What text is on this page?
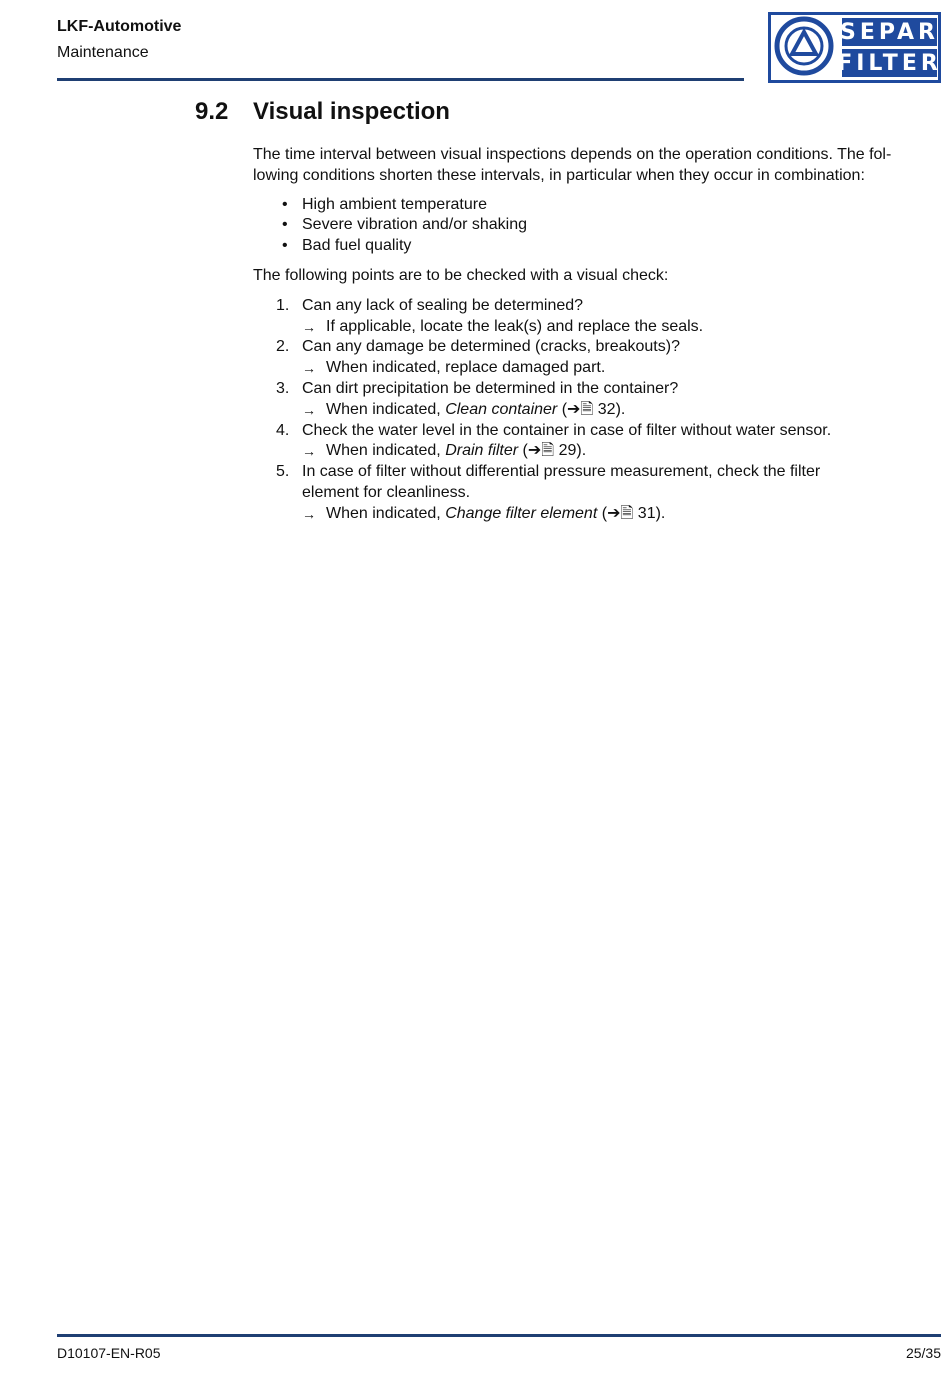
LKF-Automotive
Maintenance
SEPAR
FILTER
9.2 Visual inspection

The time interval between visual inspections depends on the operation conditions. The fol-
lowing conditions shorten these intervals, in particular when they occur in combination:

• High ambient temperature
• Severe vibration and/or shaking
• Bad fuel quality

The following points are to be checked with a visual check:

1. Can any lack of sealing be determined?
→ If applicable, locate the leak(s) and replace the seals.
2. Can any damage be determined (cracks, breakouts)?
→ When indicated, replace damaged part.
3. Can dirt precipitation be determined in the container?
→ When indicated, Clean container (➔🗎 32).
4. Check the water level in the container in case of filter without water sensor.
→ When indicated, Drain filter (➔🗎 29).
5. In case of filter without differential pressure measurement, check the filter
element for cleanliness.
→ When indicated, Change filter element (➔🗎 31).
D10107-EN-R05	25/35
